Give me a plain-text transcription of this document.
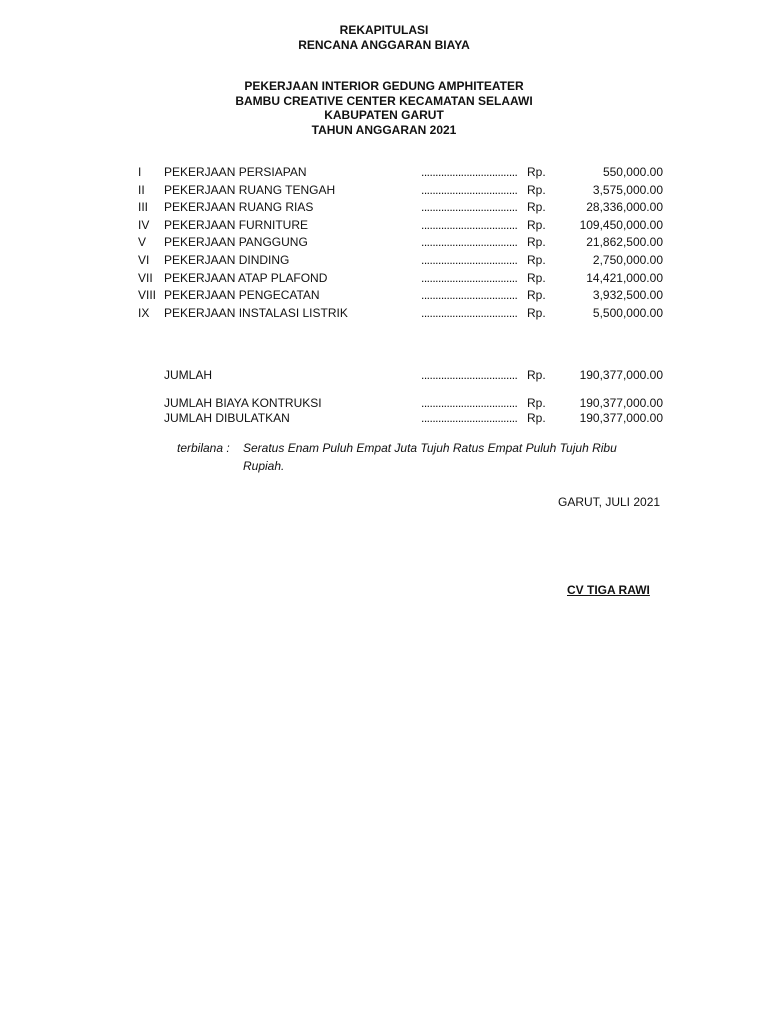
REKAPITULASI
RENCANA ANGGARAN BIAYA
PEKERJAAN INTERIOR GEDUNG AMPHITEATER
BAMBU CREATIVE CENTER KECAMATAN SELAAWI
KABUPATEN GARUT
TAHUN ANGGARAN 2021
I PEKERJAAN PERSIAPAN	.................................. Rp.	550,000.00
II PEKERJAAN RUANG TENGAH	.................................. Rp.	3,575,000.00
III PEKERJAAN RUANG RIAS	.................................. Rp.	28,336,000.00
IV PEKERJAAN FURNITURE	.................................. Rp.	109,450,000.00
V PEKERJAAN PANGGUNG	.................................. Rp.	21,862,500.00
VI PEKERJAAN DINDING	.................................. Rp.	2,750,000.00
VII PEKERJAAN ATAP PLAFOND	.................................. Rp.	14,421,000.00
VIII PEKERJAAN PENGECATAN	.................................. Rp.	3,932,500.00
IX PEKERJAAN INSTALASI LISTRIK	.................................. Rp.	5,500,000.00
JUMLAH	.................................. Rp.	190,377,000.00
JUMLAH BIAYA KONTRUKSI	.................................. Rp.	190,377,000.00
JUMLAH DIBULATKAN	.................................. Rp.	190,377,000.00
terbilana : Seratus Enam Puluh Empat Juta Tujuh Ratus Empat Puluh Tujuh Ribu
Rupiah.
GARUT, JULI 2021
CV TIGA RAWI
